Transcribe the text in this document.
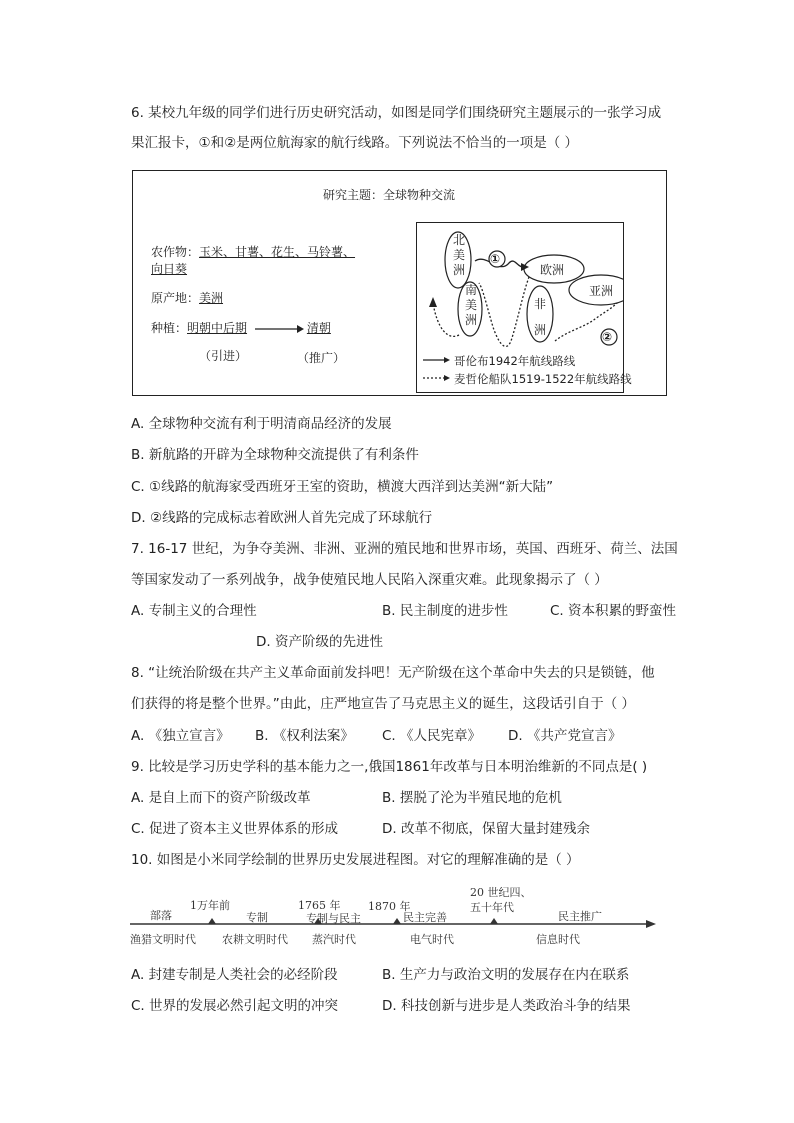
6. 某校九年级的同学们进行历史研究活动，如图是同学们围绕研究主题展示的一张学习成
果汇报卡，①和②是两位航海家的航行线路。下列说法不恰当的一项是（ ）
研究主题：全球物种交流
农作物：玉米、甘薯、花生、马铃薯、
向日葵
原产地：美洲
种植：明朝中后期	清朝
（引进）	（推广）
北
美
洲
南
美
洲
欧洲
非
洲
亚洲
①
②
哥伦布1942年航线路线
麦哲伦船队1519-1522年航线路线
A. 全球物种交流有利于明清商品经济的发展
B. 新航路的开辟为全球物种交流提供了有利条件
C. ①线路的航海家受西班牙王室的资助，横渡大西洋到达美洲“新大陆”
D. ②线路的完成标志着欧洲人首先完成了环球航行
7. 16-17 世纪，为争夺美洲、非洲、亚洲的殖民地和世界市场，英国、西班牙、荷兰、法国
等国家发动了一系列战争，战争使殖民地人民陷入深重灾难。此现象揭示了（ ）
A. 专制主义的合理性	B. 民主制度的进步性	C. 资本积累的野蛮性
D. 资产阶级的先进性
8. “让统治阶级在共产主义革命面前发抖吧！无产阶级在这个革命中失去的只是锁链，他
们获得的将是整个世界。”由此，庄严地宣告了马克思主义的诞生，这段话引自于（ ）
A. 《独立宣言》 B. 《权利法案》 C. 《人民宪章》 D. 《共产党宣言》
9. 比较是学习历史学科的基本能力之一,俄国1861年改革与日本明治维新的不同点是( )
A. 是自上而下的资产阶级改革	B. 摆脱了沦为半殖民地的危机
C. 促进了资本主义世界体系的形成	D. 改革不彻底，保留大量封建残余
10. 如图是小米同学绘制的世界历史发展进程图。对它的理解准确的是（ ）
部落
1万年前
专制
1765 年
专制与民主
1870 年
民主完善
20 世纪四、
五十年代
民主推广
渔猎文明时代 农耕文明时代 蒸汽时代	电气时代	信息时代
A. 封建专制是人类社会的必经阶段	B. 生产力与政治文明的发展存在内在联系
C. 世界的发展必然引起文明的冲突	D. 科技创新与进步是人类政治斗争的结果
